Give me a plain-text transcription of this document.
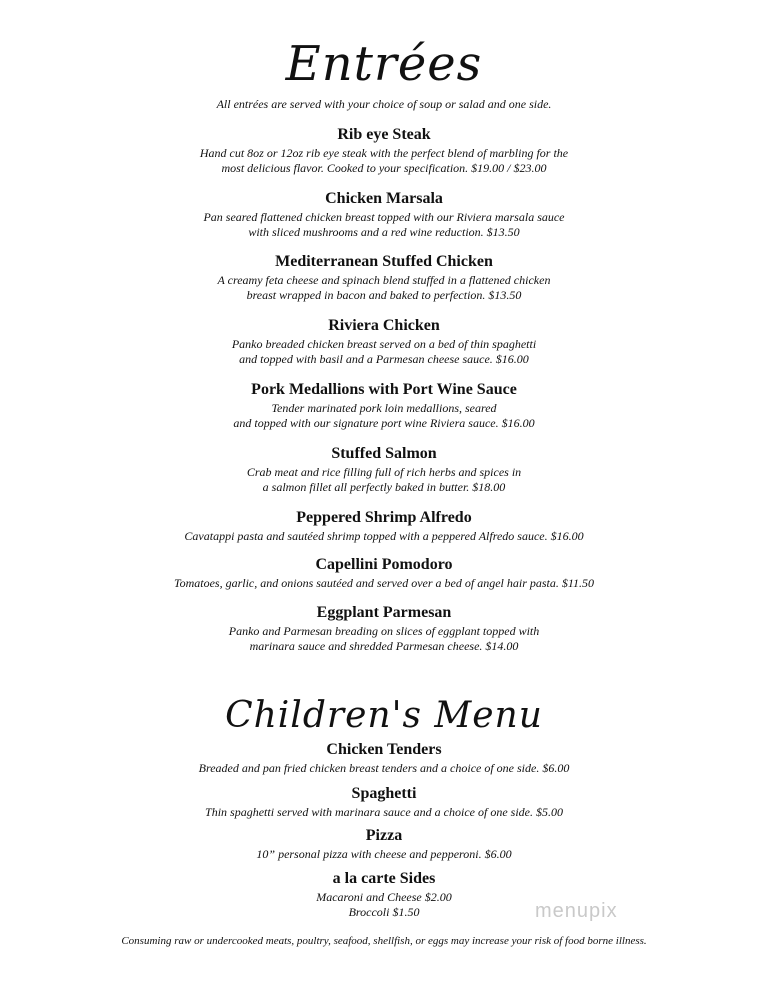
Entrées
All entrées are served with your choice of soup or salad and one side.
Rib eye Steak
Hand cut 8oz or 12oz rib eye steak with the perfect blend of marbling for the
most delicious flavor. Cooked to your specification. $19.00 / $23.00
Chicken Marsala
Pan seared flattened chicken breast topped with our Riviera marsala sauce
with sliced mushrooms and a red wine reduction. $13.50
Mediterranean Stuffed Chicken
A creamy feta cheese and spinach blend stuffed in a flattened chicken
breast wrapped in bacon and baked to perfection. $13.50
Riviera Chicken
Panko breaded chicken breast served on a bed of thin spaghetti
and topped with basil and a Parmesan cheese sauce. $16.00
Pork Medallions with Port Wine Sauce
Tender marinated pork loin medallions, seared
and topped with our signature port wine Riviera sauce. $16.00
Stuffed Salmon
Crab meat and rice filling full of rich herbs and spices in
a salmon fillet all perfectly baked in butter. $18.00
Peppered Shrimp Alfredo
Cavatappi pasta and sautéed shrimp topped with a peppered Alfredo sauce. $16.00
Capellini Pomodoro
Tomatoes, garlic, and onions sautéed and served over a bed of angel hair pasta. $11.50
Eggplant Parmesan
Panko and Parmesan breading on slices of eggplant topped with
marinara sauce and shredded Parmesan cheese. $14.00
Children's Menu
Chicken Tenders
Breaded and pan fried chicken breast tenders and a choice of one side. $6.00
Spaghetti
Thin spaghetti served with marinara sauce and a choice of one side. $5.00
Pizza
10” personal pizza with cheese and pepperoni. $6.00
a la carte Sides
Macaroni and Cheese $2.00
Broccoli $1.50
Consuming raw or undercooked meats, poultry, seafood, shellfish, or eggs may increase your risk of food borne illness.
menupix
